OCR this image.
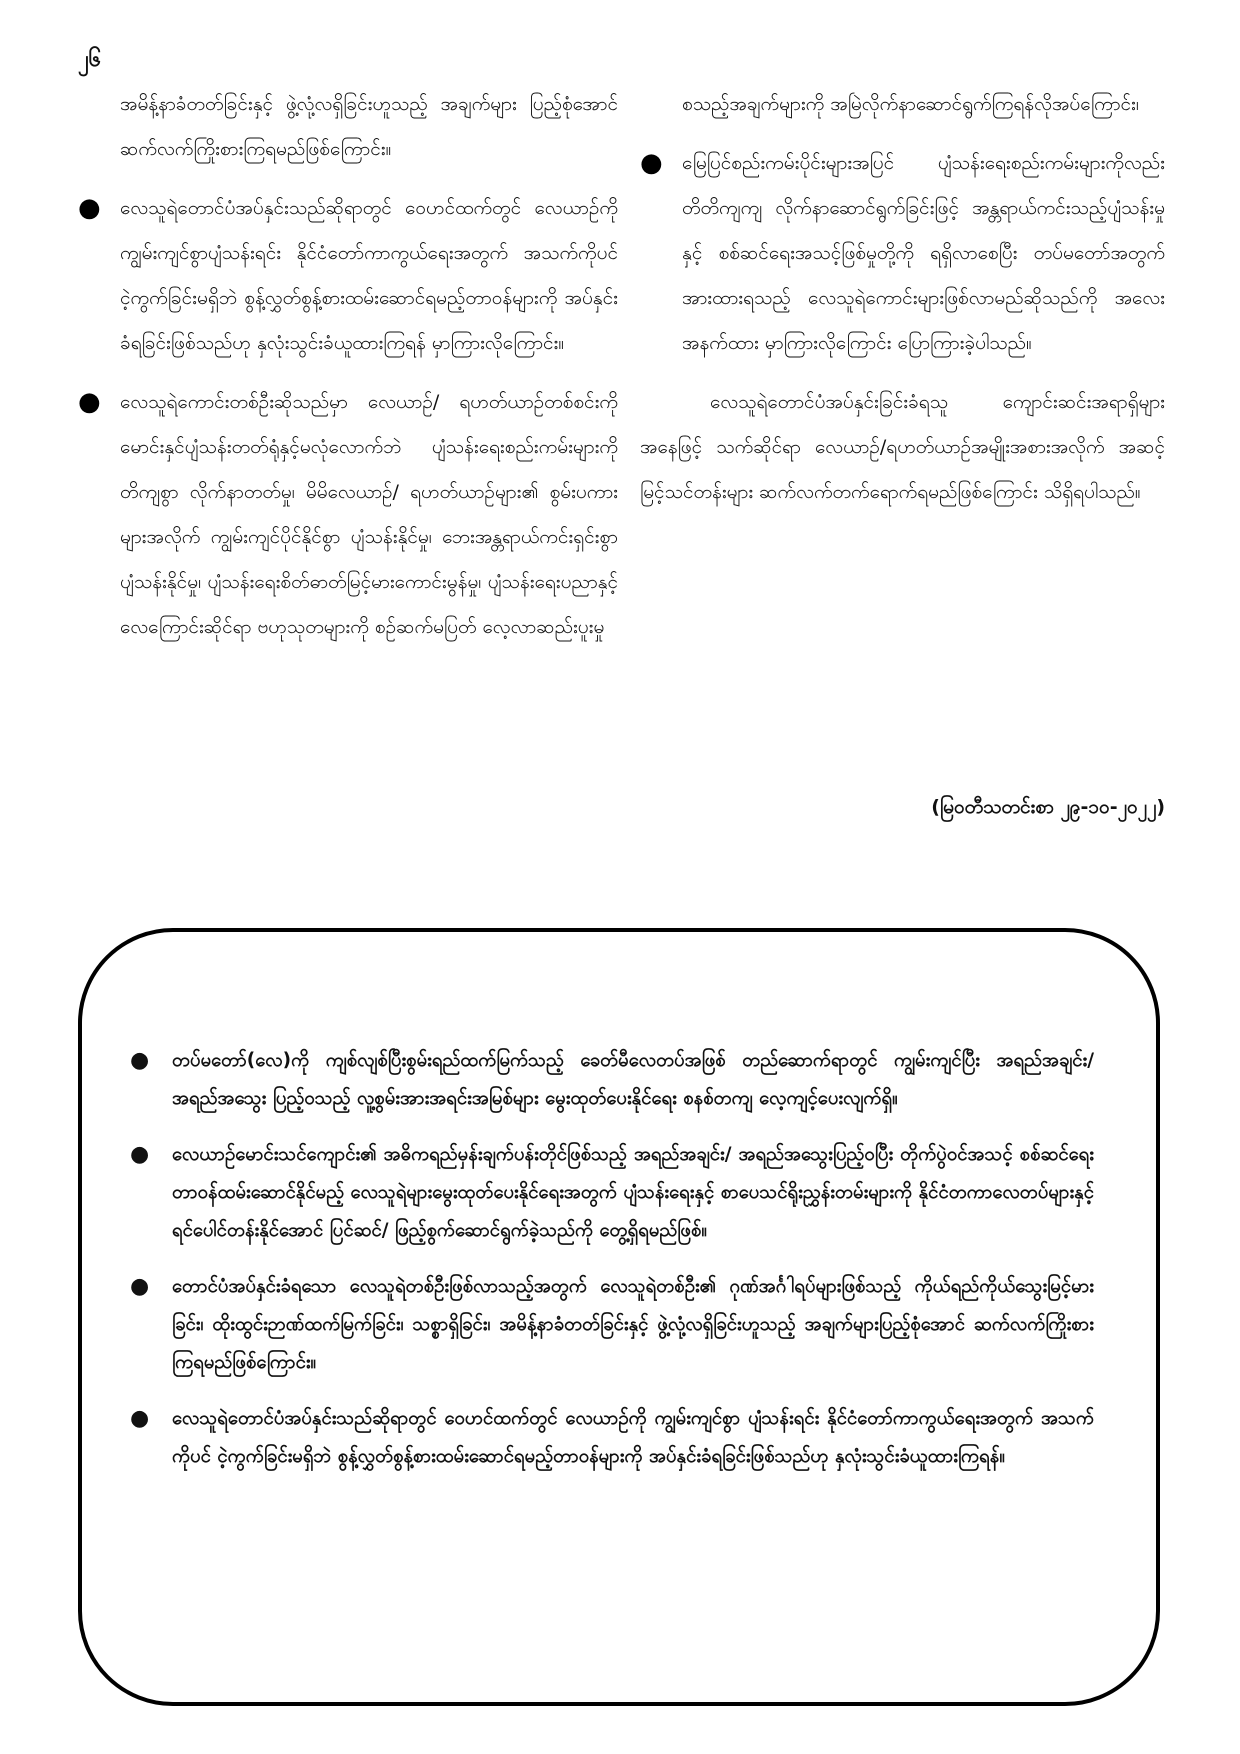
၂၆

အမိန့်နာခံတတ်ခြင်းနှင့် ဖွဲ့လုံ့လရှိခြင်းဟူသည့် အချက်များ ပြည့်စုံအောင် ဆက်လက်ကြိုးစားကြရမည်ဖြစ်ကြောင်း။

●	လေသူရဲတောင်ပံအပ်နှင်းသည်ဆိုရာတွင် ဝေဟင်ထက်တွင် လေယာဉ်ကို ကျွမ်းကျင်စွာပျံသန်းရင်း နိုင်ငံတော်ကာကွယ်ရေးအတွက် အသက်ကိုပင် ငဲ့ကွက်ခြင်းမရှိဘဲ စွန့်လွှတ်စွန့်စားထမ်းဆောင်ရမည့်တာဝန်များကို အပ်နှင်းခံရခြင်းဖြစ်သည်ဟု နှလုံးသွင်းခံယူထားကြရန် မှာကြားလိုကြောင်း။
●	လေသူရဲကောင်းတစ်ဦးဆိုသည်မှာ လေယာဉ်/ ရဟတ်ယာဉ်တစ်စင်းကို မောင်းနှင်ပျံသန်းတတ်ရုံနှင့်မလုံလောက်ဘဲ ပျံသန်းရေးစည်းကမ်းများကို တိကျစွာ လိုက်နာတတ်မှု၊ မိမိလေယာဉ်/ ရဟတ်ယာဉ်များ၏ စွမ်းပကားများအလိုက် ကျွမ်းကျင်ပိုင်နိုင်စွာ ပျံသန်းနိုင်မှု၊ ဘေးအန္တရာယ်ကင်းရှင်းစွာပျံသန်းနိုင်မှု၊ ပျံသန်းရေးစိတ်ဓာတ်မြင့်မားကောင်းမွန်မှု၊ ပျံသန်းရေးပညာနှင့် လေကြောင်းဆိုင်ရာ ဗဟုသုတများကို စဉ်ဆက်မပြတ် လေ့လာဆည်းပူးမှု

စသည့်အချက်များကို အမြဲလိုက်နာဆောင်ရွက်ကြရန်လိုအပ်ကြောင်း၊

●	မြေပြင်စည်းကမ်းပိုင်းများအပြင် ပျံသန်းရေးစည်းကမ်းများကိုလည်း တိတိကျကျ လိုက်နာဆောင်ရွက်ခြင်းဖြင့် အန္တရာယ်ကင်းသည့်ပျံသန်းမှုနှင့် စစ်ဆင်ရေးအသင့်ဖြစ်မှုတို့ကို ရရှိလာစေပြီး တပ်မတော်အတွက် အားထားရသည့် လေသူရဲကောင်းများဖြစ်လာမည်ဆိုသည်ကို အလေးအနက်ထား မှာကြားလိုကြောင်း ပြောကြားခဲ့ပါသည်။

လေသူရဲတောင်ပံအပ်နှင်းခြင်းခံရသူ ကျောင်းဆင်းအရာရှိများအနေဖြင့် သက်ဆိုင်ရာ လေယာဉ်/ရဟတ်ယာဉ်အမျိုးအစားအလိုက် အဆင့်မြင့်သင်တန်းများ ဆက်လက်တက်ရောက်ရမည်ဖြစ်ကြောင်း သိရှိရပါသည်။

(မြဝတီသတင်းစာ ၂၉-၁၀-၂၀၂၂)
●	တပ်မတော်(လေ)ကို ကျစ်လျစ်ပြီးစွမ်းရည်ထက်မြက်သည့် ခေတ်မီလေတပ်အဖြစ် တည်ဆောက်ရာတွင် ကျွမ်းကျင်ပြီး အရည်အချင်း/အရည်အသွေး ပြည့်ဝသည့် လူ့စွမ်းအားအရင်းအမြစ်များ မွေးထုတ်ပေးနိုင်ရေး စနစ်တကျ လေ့ကျင့်ပေးလျက်ရှိ။
●	လေယာဉ်မောင်းသင်ကျောင်း၏ အဓိကရည်မှန်းချက်ပန်းတိုင်ဖြစ်သည့် အရည်အချင်း/ အရည်အသွေးပြည့်ဝပြီး တိုက်ပွဲဝင်အသင့် စစ်ဆင်ရေးတာဝန်ထမ်းဆောင်နိုင်မည့် လေသူရဲများမွေးထုတ်ပေးနိုင်ရေးအတွက် ပျံသန်းရေးနှင့် စာပေသင်ရိုးညွှန်းတမ်းများကို နိုင်ငံတကာလေတပ်များနှင့် ရင်ပေါင်တန်းနိုင်အောင် ပြင်ဆင်/ ဖြည့်စွက်ဆောင်ရွက်ခဲ့သည်ကို တွေ့ရှိရမည်ဖြစ်။
●	တောင်ပံအပ်နှင်းခံရသော လေသူရဲတစ်ဦးဖြစ်လာသည့်အတွက် လေသူရဲတစ်ဦး၏ ဂုဏ်အင်္ဂါရပ်များဖြစ်သည့် ကိုယ်ရည်ကိုယ်သွေးမြင့်မားခြင်း၊ ထိုးထွင်းဉာဏ်ထက်မြက်ခြင်း၊ သစ္စာရှိခြင်း၊ အမိန့်နာခံတတ်ခြင်းနှင့် ဖွဲ့လုံ့လရှိခြင်းဟူသည့် အချက်များပြည့်စုံအောင် ဆက်လက်ကြိုးစားကြရမည်ဖြစ်ကြောင်း။
●	လေသူရဲတောင်ပံအပ်နှင်းသည်ဆိုရာတွင် ဝေဟင်ထက်တွင် လေယာဉ်ကို ကျွမ်းကျင်စွာ ပျံသန်းရင်း နိုင်ငံတော်ကာကွယ်ရေးအတွက် အသက်ကိုပင် ငဲ့ကွက်ခြင်းမရှိဘဲ စွန့်လွှတ်စွန့်စားထမ်းဆောင်ရမည့်တာဝန်များကို အပ်နှင်းခံရခြင်းဖြစ်သည်ဟု နှလုံးသွင်းခံယူထားကြရန်။
